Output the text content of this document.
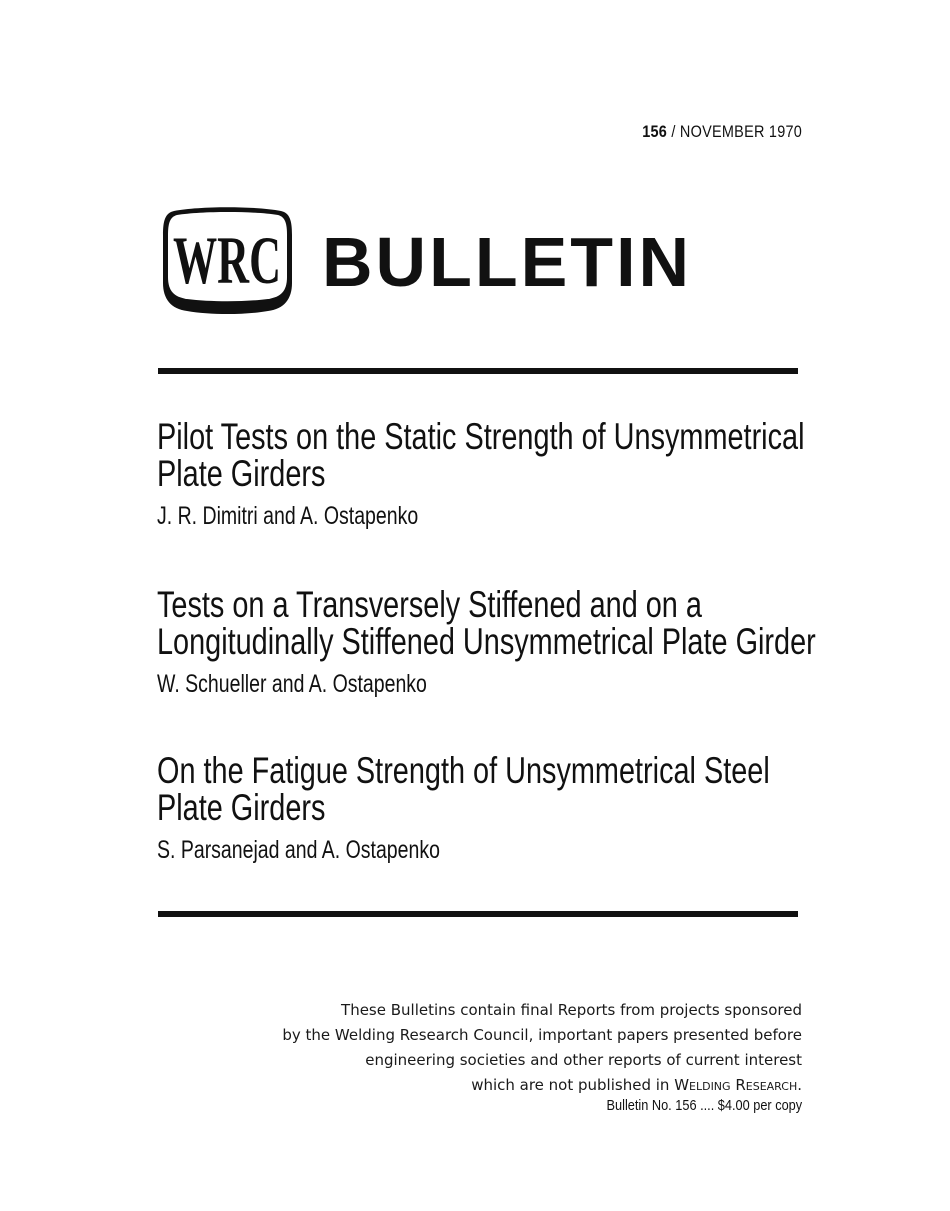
156 / NOVEMBER 1970
WRC BULLETIN
Pilot Tests on the Static Strength of Unsymmetrical
Plate Girders
J. R. Dimitri and A. Ostapenko
Tests on a Transversely Stiffened and on a
Longitudinally Stiffened Unsymmetrical Plate Girder
W. Schueller and A. Ostapenko
On the Fatigue Strength of Unsymmetrical Steel
Plate Girders
S. Parsanejad and A. Ostapenko
These Bulletins contain final Reports from projects sponsored
by the Welding Research Council, important papers presented before
engineering societies and other reports of current interest
which are not published in Welding Research.
Bulletin No. 156 .... $4.00 per copy
